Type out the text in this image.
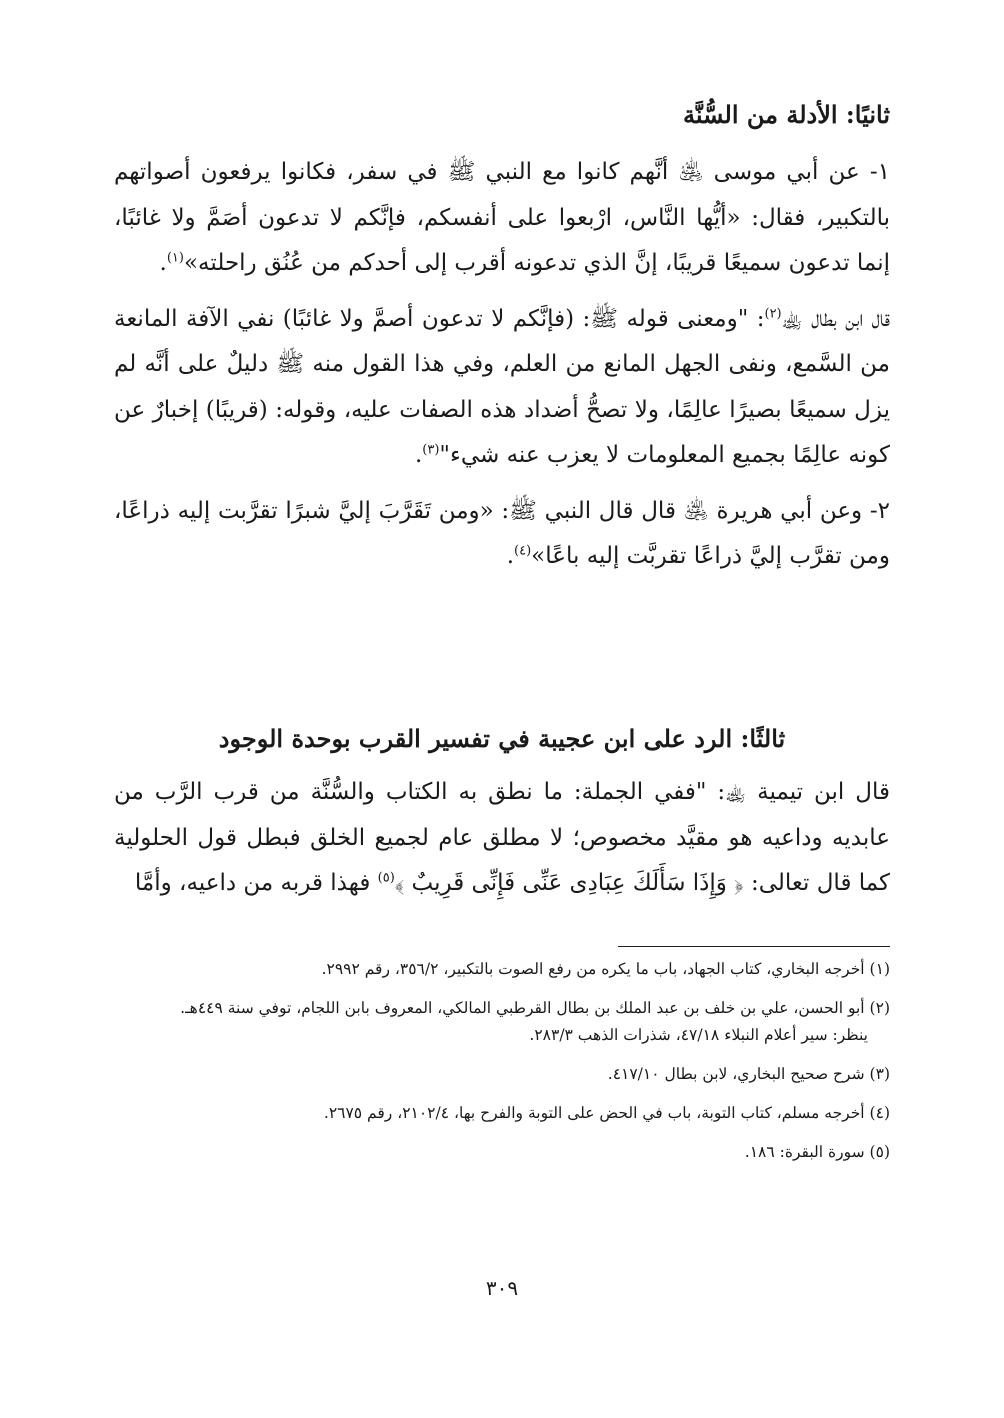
ثانيًا: الأدلة من السُّنَّة
١- عن أبي موسى ﵁ أنَّهم كانوا مع النبي ﷺ في سفر، فكانوا يرفعون أصواتهم بالتكبير، فقال: «أيُّها النَّاس، ارْبعوا على أنفسكم، فإنَّكم لا تدعون أصَمَّ ولا غائبًا، إنما تدعون سميعًا قريبًا، إنَّ الذي تدعونه أقرب إلى أحدكم من عُنُق راحلته»$^{(١)}$.
قال ابن بطال ﵀$^{(٢)}$: "ومعنى قوله ﷺ: (فإنَّكم لا تدعون أصمَّ ولا غائبًا) نفي الآفة المانعة من السَّمع، ونفى الجهل المانع من العلم، وفي هذا القول منه ﷺ دليلٌ على أنَّه لم يزل سميعًا بصيرًا عالِمًا، ولا تصحُّ أضداد هذه الصفات عليه، وقوله: (قريبًا) إخبارٌ عن كونه عالِمًا بجميع المعلومات لا يعزب عنه شيء"$^{(٣)}$.
٢- وعن أبي هريرة ﵁ قال قال النبي ﷺ: «ومن تَقَرَّبَ إليَّ شبرًا تقرَّبت إليه ذراعًا، ومن تقرَّب إليَّ ذراعًا تقربَّت إليه باعًا»$^{(٤)}$.
ثالثًا: الرد على ابن عجيبة في تفسير القرب بوحدة الوجود
قال ابن تيمية ﵀: "ففي الجملة: ما نطق به الكتاب والسُّنَّة من قرب الرَّب من عابديه وداعيه هو مقيَّد مخصوص؛ لا مطلق عام لجميع الخلق فبطل قول الحلولية كما قال تعالى: ﴿ وَإِذَا سَأَلَكَ عِبَادِى عَنِّى فَإِنِّى قَرِيبٌ ﴾$^{(٥)}$ فهذا قربه من داعيه، وأمَّا
(١) أخرجه البخاري، كتاب الجهاد، باب ما يكره من رفع الصوت بالتكبير، ٣٥٦/٢، رقم ٢٩٩٢.
(٢) أبو الحسن، علي بن خلف بن عبد الملك بن بطال القرطبي المالكي، المعروف بابن اللجام، توفي سنة ٤٤٩هـ.
ينظر: سير أعلام النبلاء ٤٧/١٨، شذرات الذهب ٢٨٣/٣.
(٣) شرح صحيح البخاري، لابن بطال ٤١٧/١٠.
(٤) أخرجه مسلم، كتاب التوبة، باب في الحض على التوبة والفرح بها، ٢١٠٢/٤، رقم ٢٦٧٥.
(٥) سورة البقرة: ١٨٦.
٣٠٩
